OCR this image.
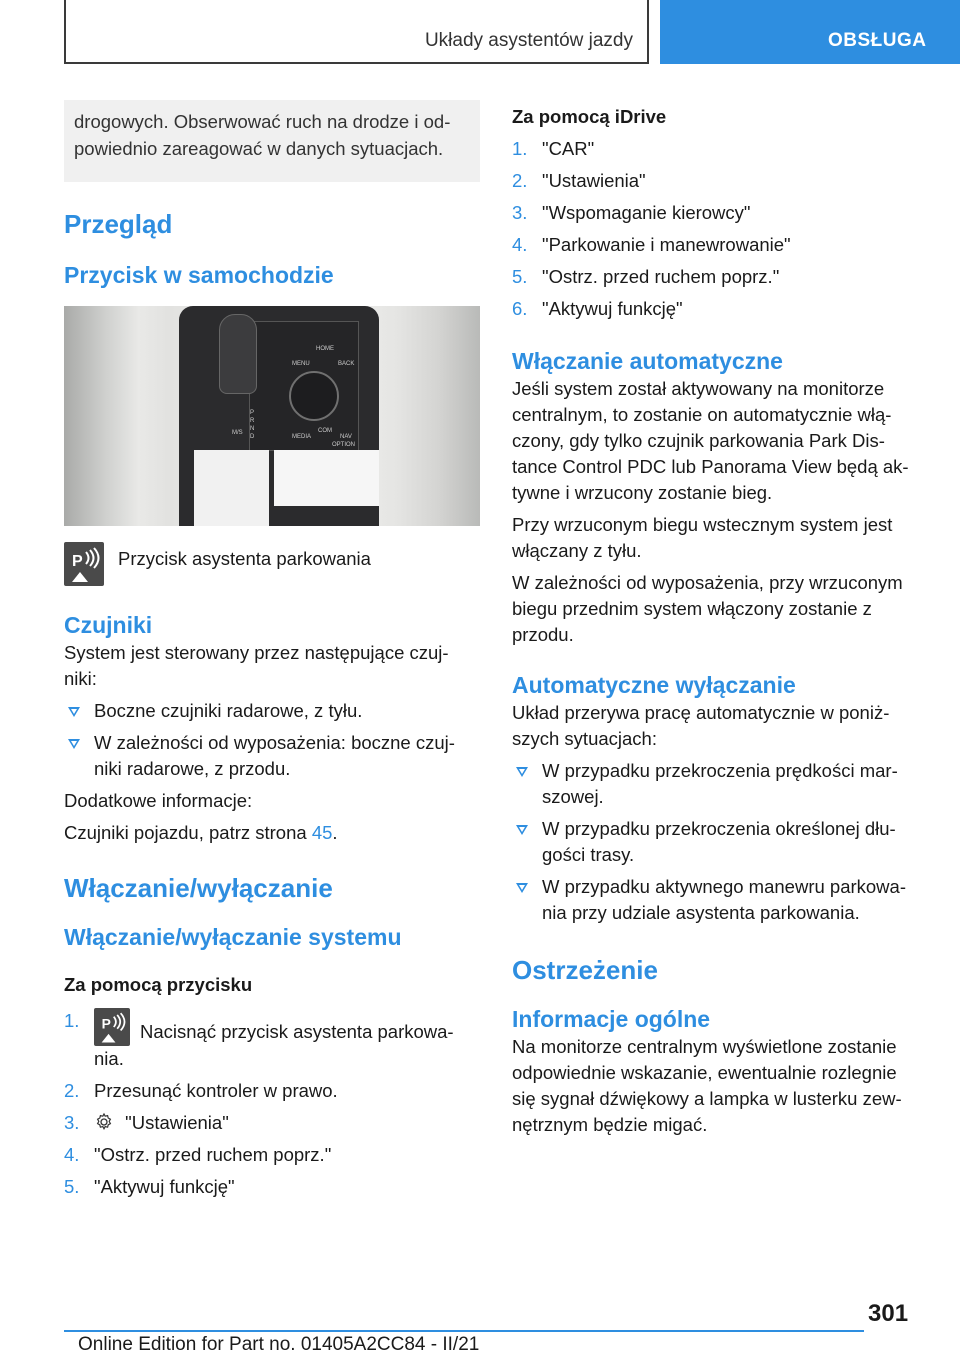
Układy asystentów jazdy	OBSŁUGA
drogowych. Obserwować ruch na drodze i od-
powiednio zareagować w danych sytuacjach.
Przegląd
Przycisk w samochodzie
MENU
HOME
BACK
MEDIA
COM
NAV
OPTION
P
R
N
D
M/S
P Przycisk asystenta parkowania

Czujniki

System jest sterowany przez następujące czuj-

niki:

Boczne czujniki radarowe, z tyłu.
W zależności od wyposażenia: boczne czuj-
niki radarowe, z przodu.

Dodatkowe informacje:

Czujniki pojazdu, patrz strona 45.

Włączanie/wyłączanie
Włączanie/wyłączanie systemu
Za pomocą przycisku
1. P Nacisnąć przycisk asystenta parkowa-
nia.
2. Przesunąć kontroler w prawo.
3. "Ustawienia"
4. "Ostrz. przed ruchem poprz."
5. "Aktywuj funkcję"
Za pomocą iDrive
1. "CAR"
2. "Ustawienia"
3. "Wspomaganie kierowcy"
4. "Parkowanie i manewrowanie"
5. "Ostrz. przed ruchem poprz."
6. "Aktywuj funkcję"
Włączanie automatyczne

Jeśli system został aktywowany na monitorze

centralnym, to zostanie on automatycznie włą-

czony, gdy tylko czujnik parkowania Park Dis-

tance Control PDC lub Panorama View będą ak-

tywne i wrzucony zostanie bieg.

Przy wrzuconym biegu wstecznym system jest

włączany z tyłu.

W zależności od wyposażenia, przy wrzuconym

biegu przednim system włączony zostanie z

przodu.

Automatyczne wyłączanie

Układ przerywa pracę automatycznie w poniż-

szych sytuacjach:

W przypadku przekroczenia prędkości mar-
szowej.
W przypadku przekroczenia określonej dłu-
gości trasy.
W przypadku aktywnego manewru parkowa-
nia przy udziale asystenta parkowania.
Ostrzeżenie
Informacje ogólne

Na monitorze centralnym wyświetlone zostanie

odpowiednie wskazanie, ewentualnie rozlegnie

się sygnał dźwiękowy a lampka w lusterku zew-

nętrznym będzie migać.

301
Online Edition for Part no. 01405A2CC84 - II/21
